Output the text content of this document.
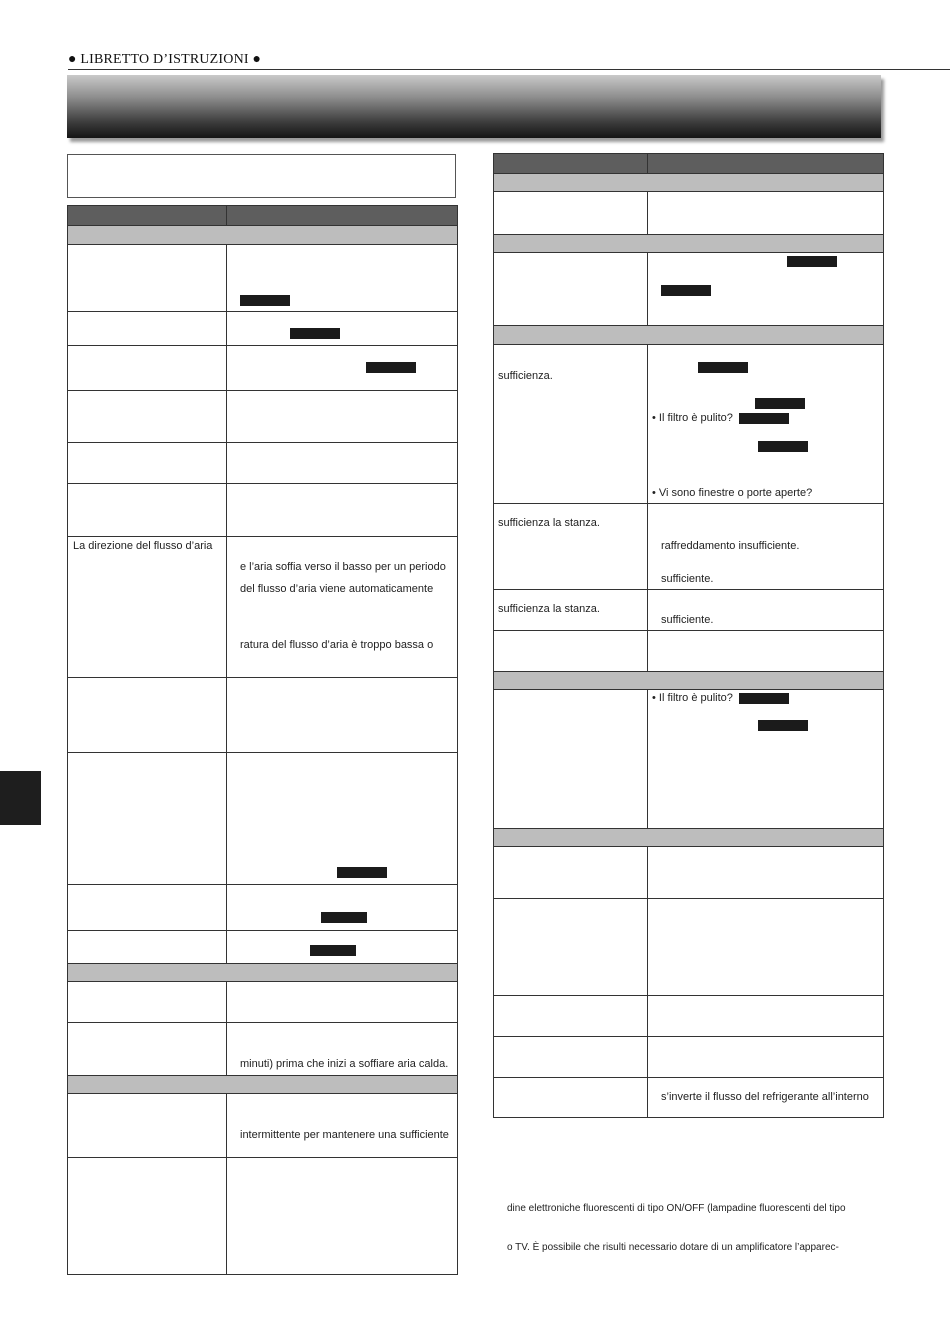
● LIBRETTO D’ISTRUZIONI ●
La direzione del flusso d’aria
e l’aria soffia verso il basso per un periodo
del flusso d’aria viene automaticamente
ratura del flusso d’aria è troppo bassa o
minuti) prima che inizi a soffiare aria calda.
intermittente per mantenere una sufficiente
sufficienza.
• Il filtro è pulito?
• Vi sono finestre o porte aperte?
sufficienza la stanza.
raffreddamento insufficiente.
sufficiente.
sufficienza la stanza.
sufficiente.
• Il filtro è pulito?
s’inverte il flusso del refrigerante all’interno
dine elettroniche fluorescenti di tipo ON/OFF (lampadine fluorescenti del tipo
o TV. È possibile che risulti necessario dotare di un amplificatore l’apparec-
